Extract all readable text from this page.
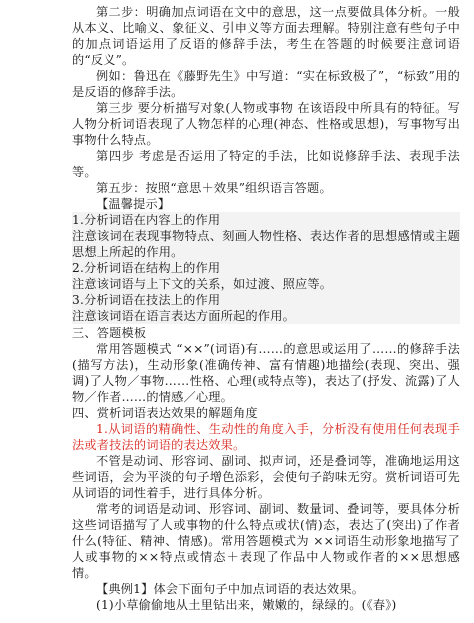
第二步：明确加点词语在文中的意思，这一点要做具体分析。一般从本义、比喻义、象征义、引申义等方面去理解。特别注意有些句子中的加点词语运用了反语的修辞手法，考生在答题的时候要注意词语的“反义”。

例如：鲁迅在《藤野先生》中写道：“实在标致极了”，“标致”用的是反语的修辞手法。

第三步 要分析描写对象(人物或事物 在该语段中所具有的特征。写人物分析词语表现了人物怎样的心理(神态、性格或思想)，写事物写出事物什么特点。

第四步 考虑是否运用了特定的手法，比如说修辞手法、表现手法等。

第五步：按照“意思＋效果”组织语言答题。

【温馨提示】

1.分析词语在内容上的作用

注意该词在表现事物特点、刻画人物性格、表达作者的思想感情或主题思想上所起的作用。

2.分析词语在结构上的作用

注意该词语与上下文的关系，如过渡、照应等。

3.分析词语在技法上的作用

注意该词语在语言表达方面所起的作用。

三、答题模板

常用答题模式 “××”(词语)有……的意思或运用了……的修辞手法(描写方法)，生动形象(准确传神、富有情趣)地描绘(表现、突出、强调)了人物／事物……性格、心理(或特点等)，表达了(抒发、流露)了人物／作者……的情感／心理。

四、赏析词语表达效果的解题角度

1.从词语的精确性、生动性的角度入手，分析没有使用任何表现手法或者技法的词语的表达效果。

不管是动词、形容词、副词、拟声词，还是叠词等，准确地运用这些词语，会为平淡的句子增色添彩，会使句子韵味无穷。赏析词语可先从词语的词性着手，进行具体分析。

常考的词语是动词、形容词、副词、数量词、叠词等，要具体分析这些词语描写了人或事物的什么特点或状(情)态，表达了(突出)了作者什么(特征、精神、情感)。常用答题模式为 ××词语生动形象地描写了人或事物的××特点或情态＋表现了作品中人物或作者的××思想感情。

【典例1】体会下面句子中加点词语的表达效果。

(1)小草偷偷地从土里钻出来，嫩嫩的，绿绿的。(《春》)
